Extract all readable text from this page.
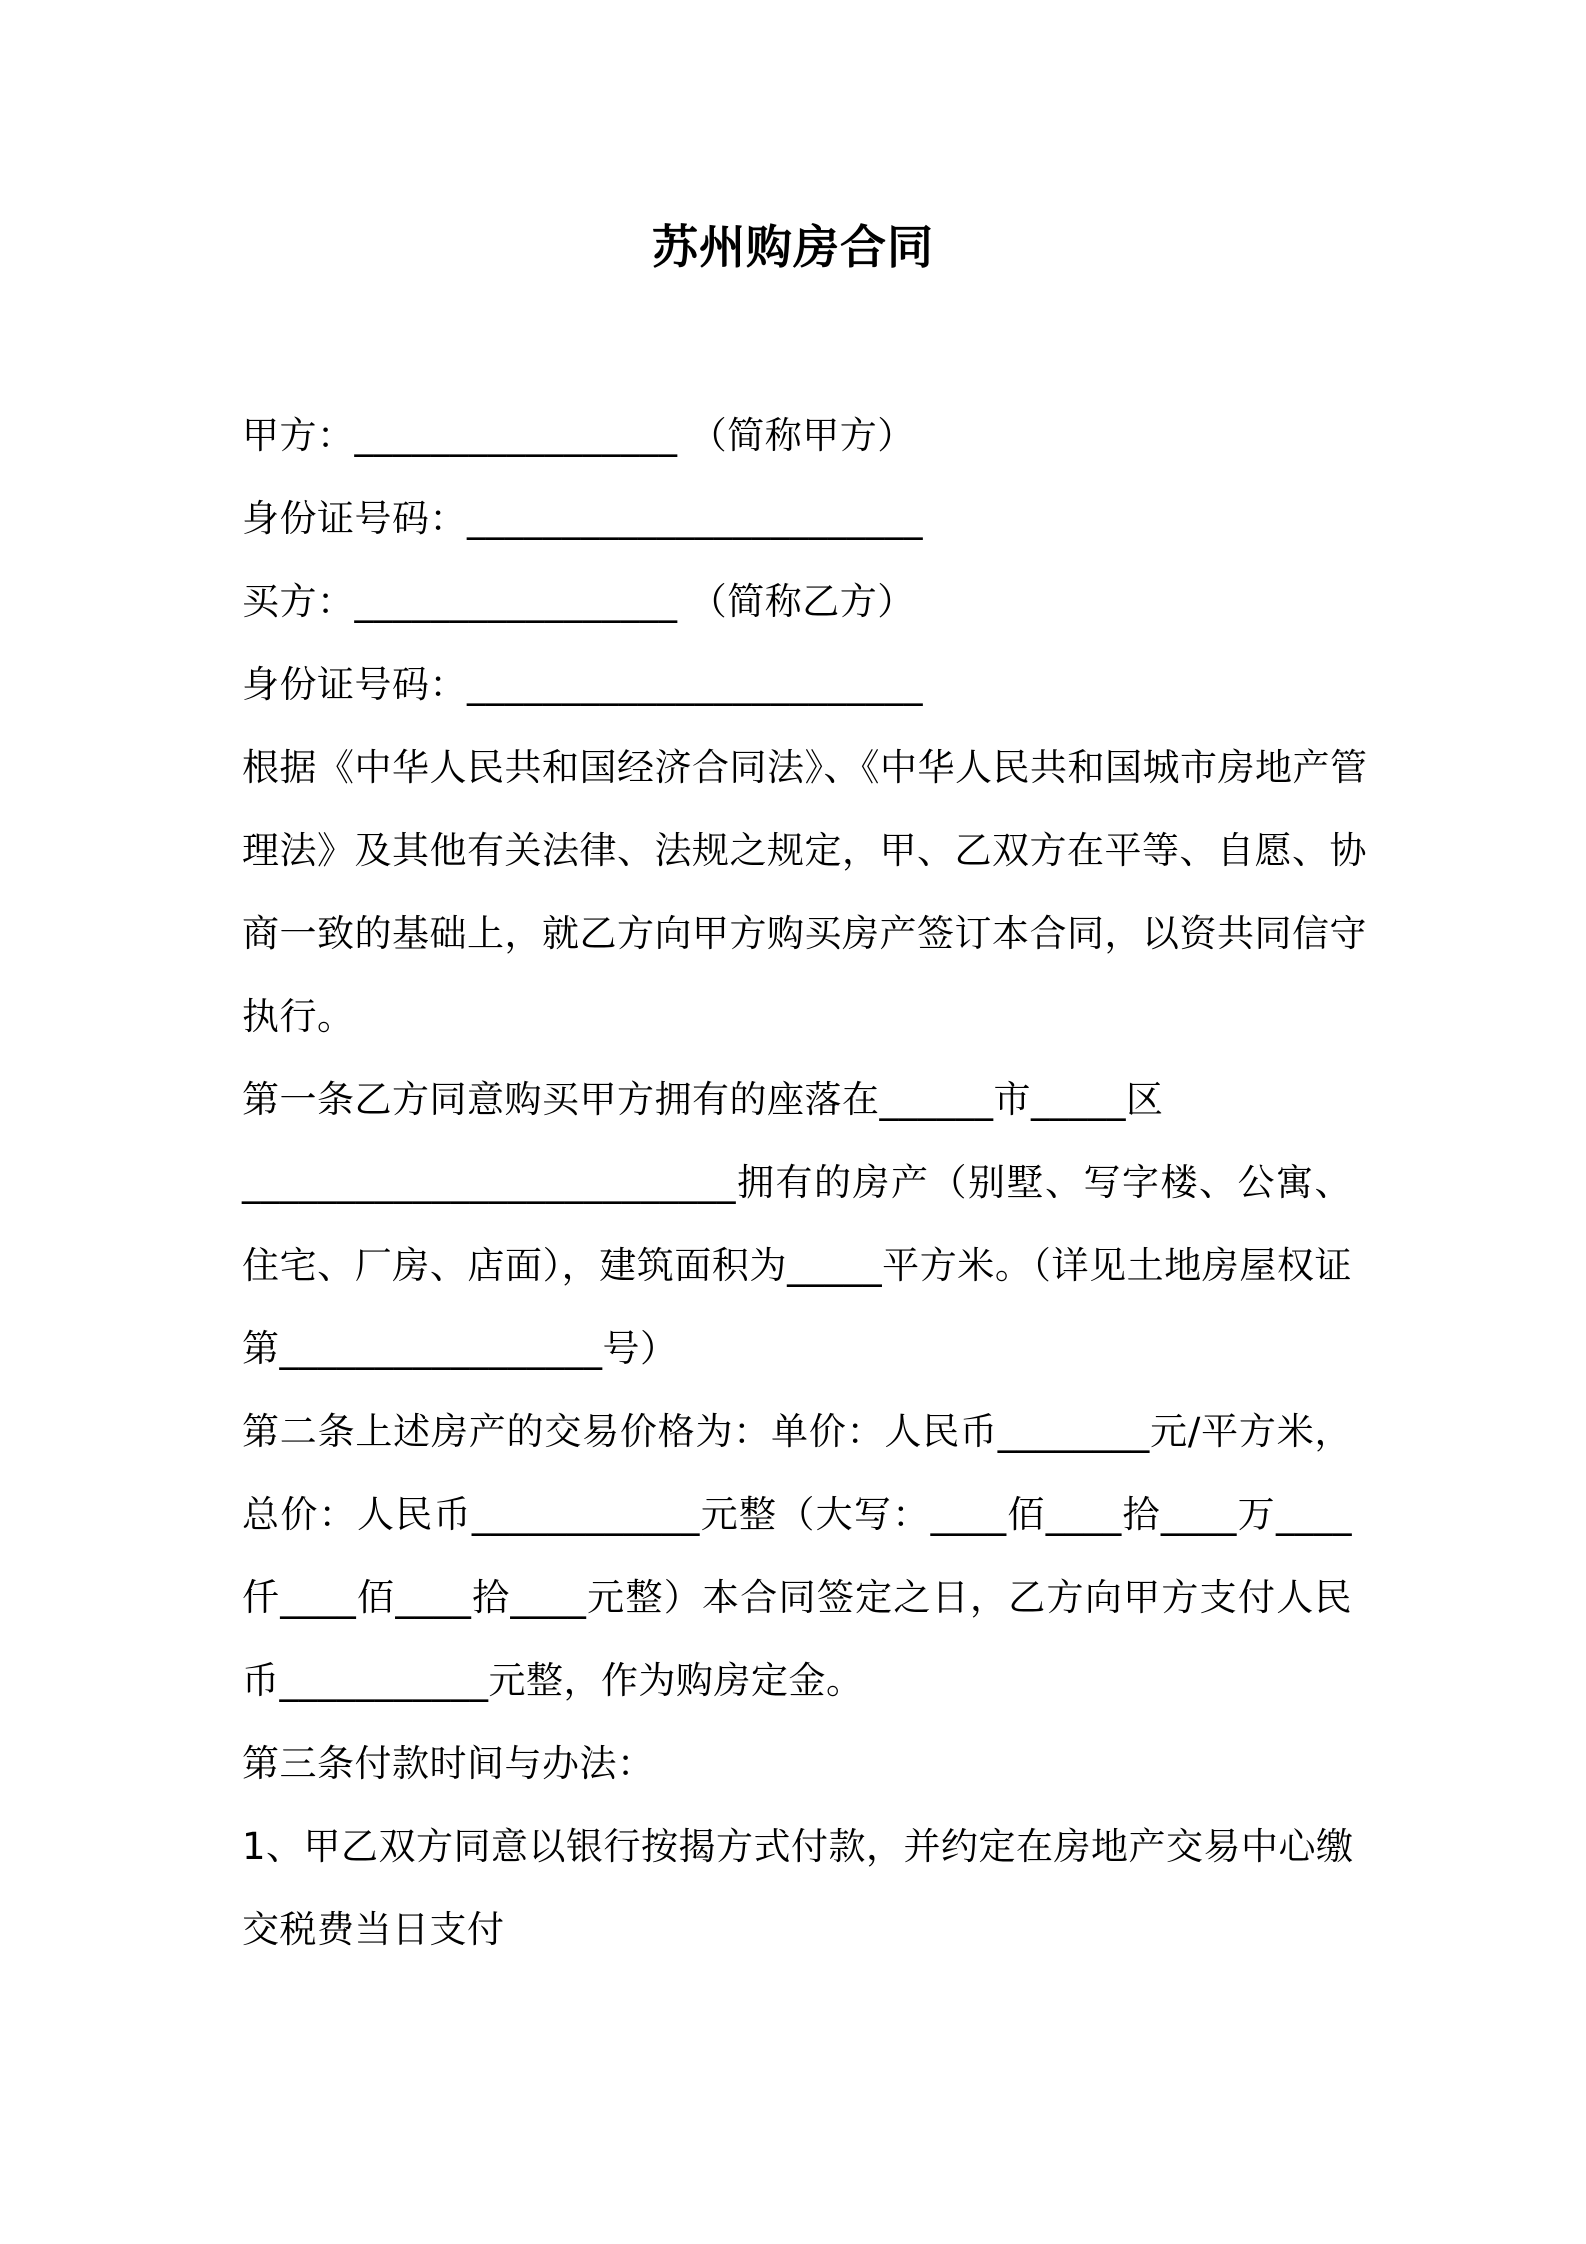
苏州购房合同
甲方：_________________ （简称甲方）
身份证号码：________________________
买方：_________________ （简称乙方）
身份证号码：________________________
根据《中华人民共和国经济合同法》、《中华人民共和国城市房地产管
理法》及其他有关法律、法规之规定，甲、乙双方在平等、自愿、协
商一致的基础上，就乙方向甲方购买房产签订本合同，以资共同信守
执行。
第一条乙方同意购买甲方拥有的座落在______市_____区
__________________________拥有的房产（别墅、写字楼、公寓、
住宅、厂房、店面），建筑面积为_____平方米。（详见土地房屋权证
第_________________号）
第二条上述房产的交易价格为：单价：人民币________元/平方米，
总价：人民币____________元整（大写：____佰____拾____万____
仟____佰____拾____元整）本合同签定之日，乙方向甲方支付人民
币___________元整，作为购房定金。
第三条付款时间与办法：
1、甲乙双方同意以银行按揭方式付款，并约定在房地产交易中心缴
交税费当日支付
